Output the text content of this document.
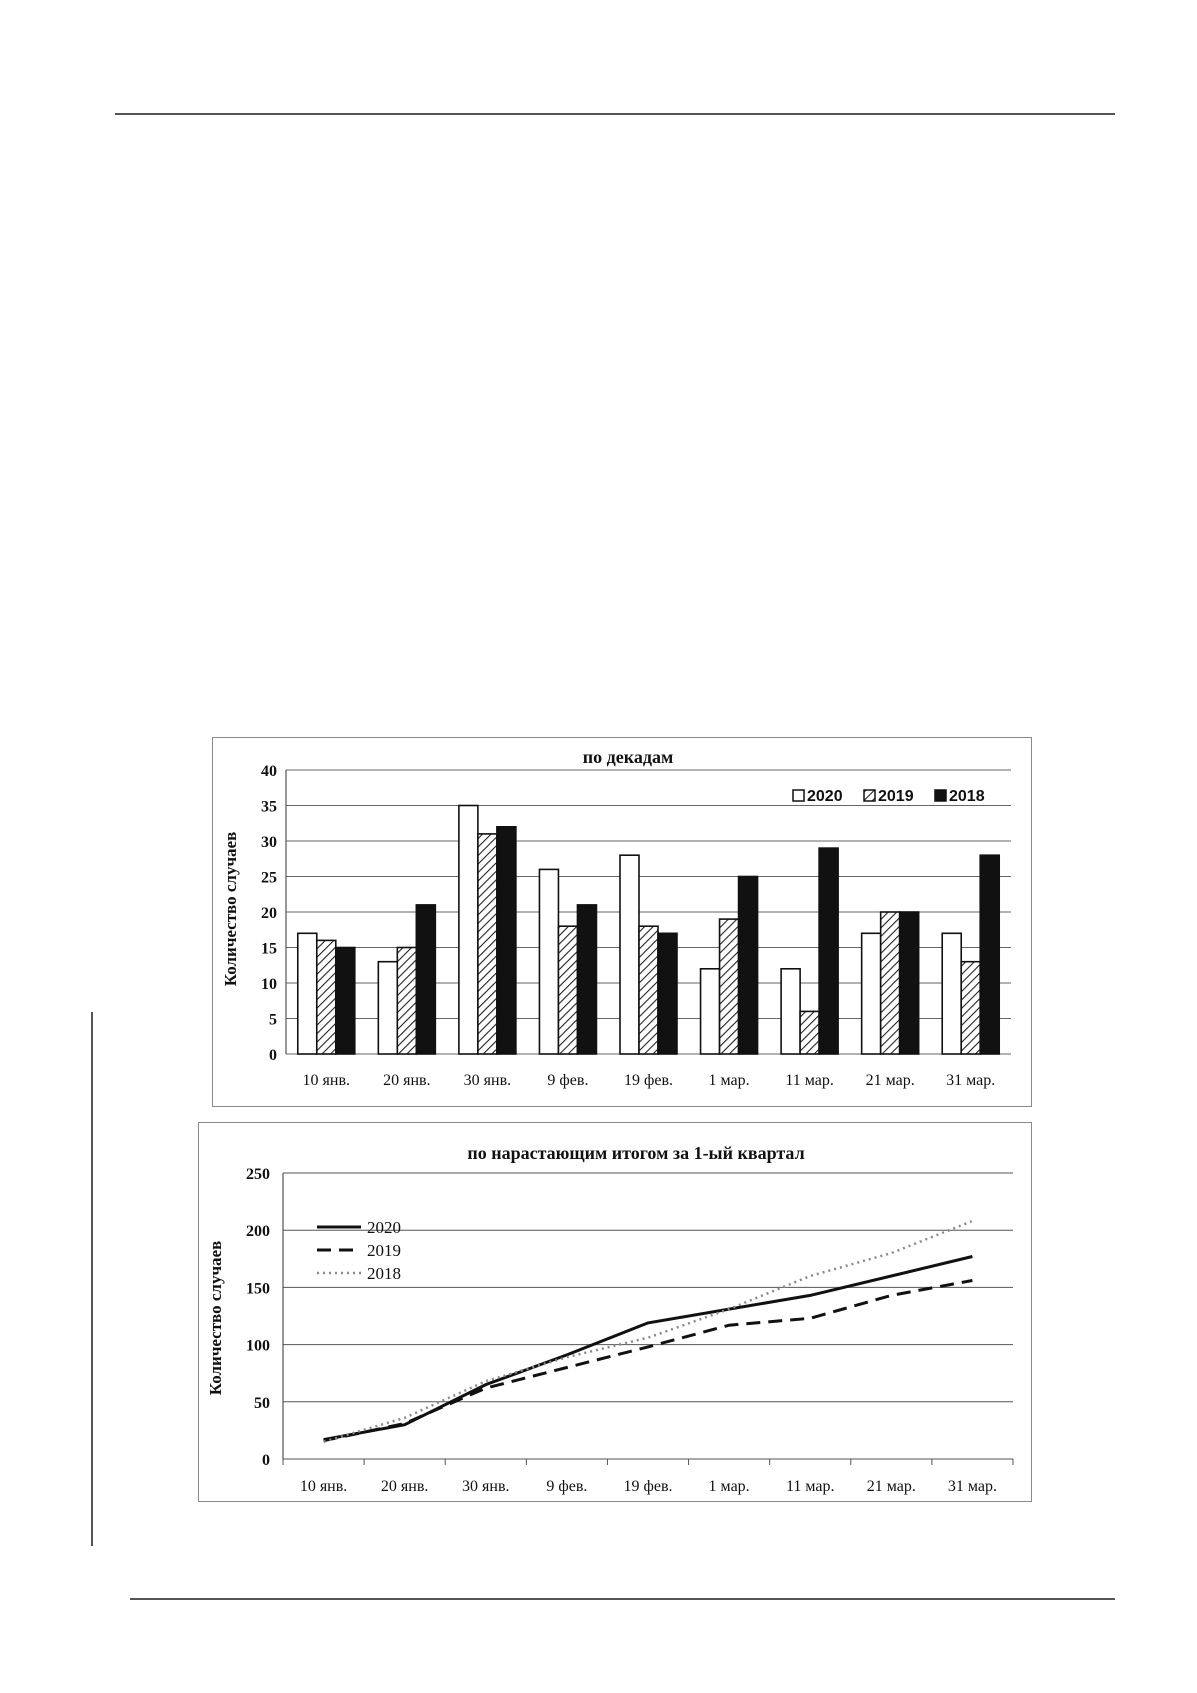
по декадам
Количество случаев
0
5
10
15
20
25
30
35
40
10 янв. 20 янв. 30 янв. 9 фев. 19 фев. 1 мар. 11 мар. 21 мар. 31 мар.
2020 2019 2018
по нарастающим итогом за 1-ый квартал
Количество случаев
0
50
100
150
200
250
10 янв. 20 янв. 30 янв. 9 фев. 19 фев. 1 мар. 11 мар. 21 мар. 31 мар.
2020
2019
2018
